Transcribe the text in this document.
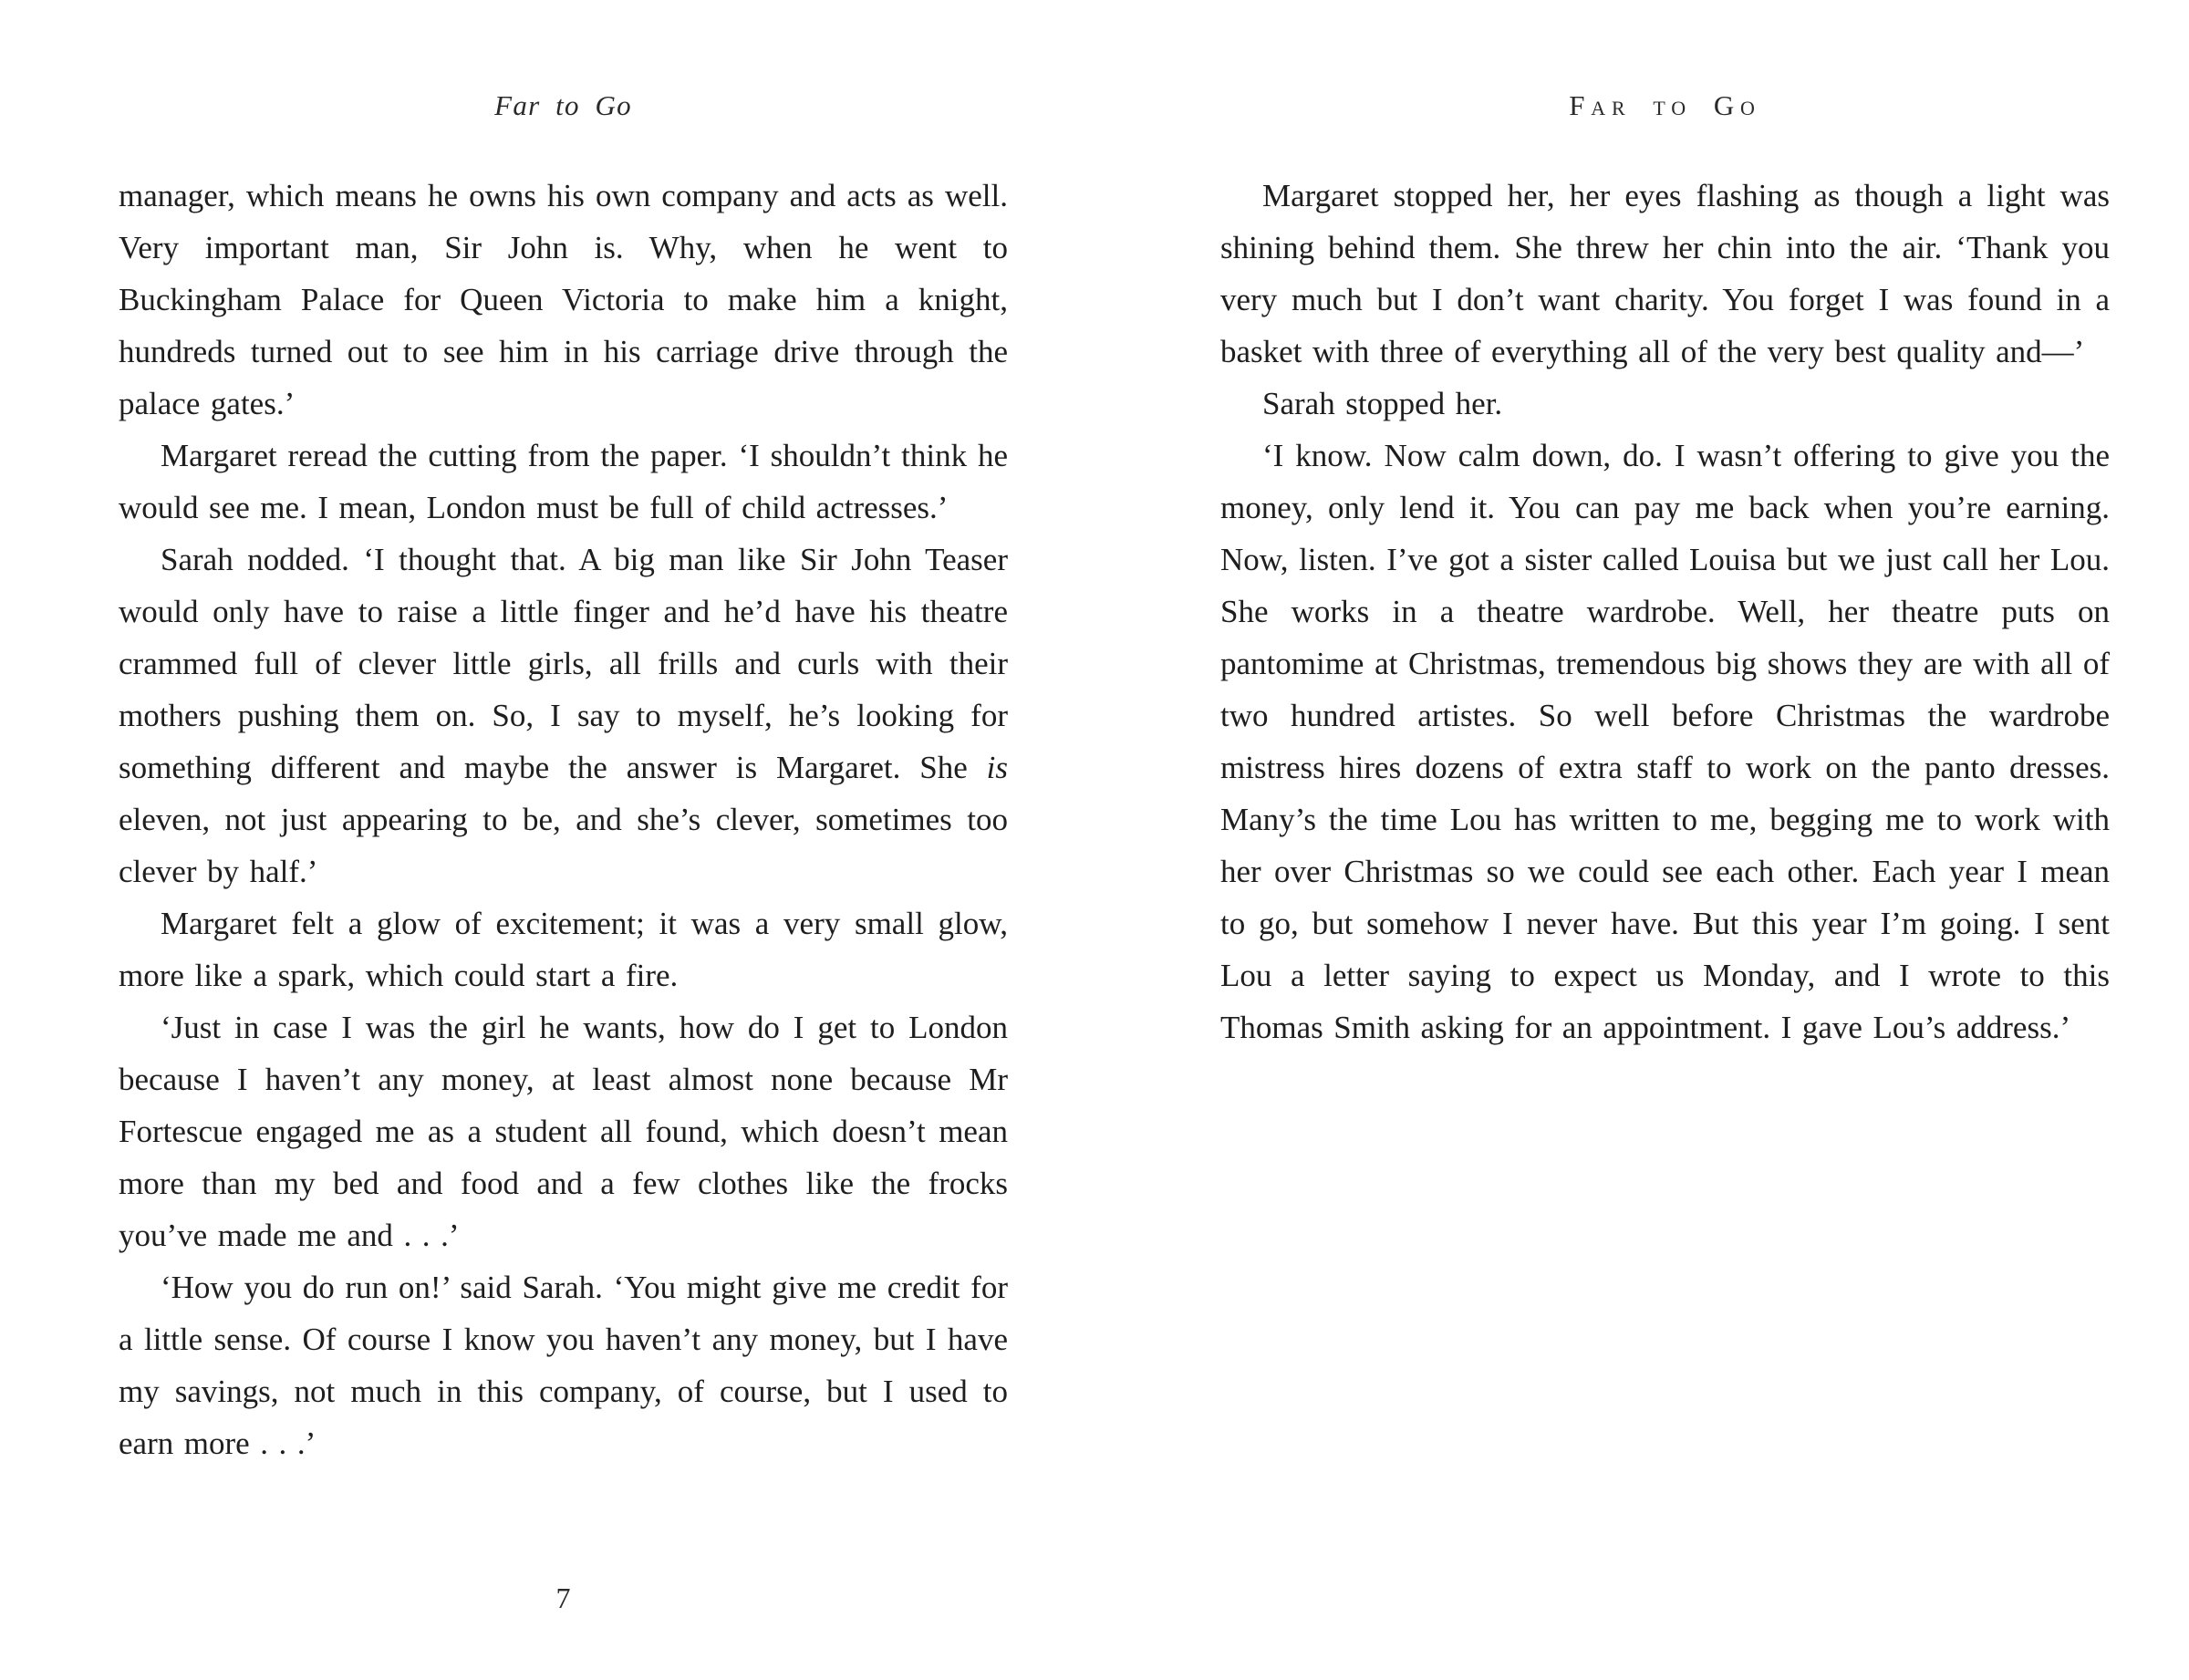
Far to Go

manager, which means he owns his own company and acts as well. Very important man, Sir John is. Why, when he went to Buckingham Palace for Queen Victoria to make him a knight, hundreds turned out to see him in his carriage drive through the palace gates.’

Margaret reread the cutting from the paper. ‘I shouldn’t think he would see me. I mean, London must be full of child actresses.’

Sarah nodded. ‘I thought that. A big man like Sir John Teaser would only have to raise a little finger and he’d have his theatre crammed full of clever little girls, all frills and curls with their mothers pushing them on. So, I say to myself, he’s looking for something different and maybe the answer is Margaret. She is eleven, not just appearing to be, and she’s clever, sometimes too clever by half.’

Margaret felt a glow of excitement; it was a very small glow, more like a spark, which could start a fire.

‘Just in case I was the girl he wants, how do I get to London because I haven’t any money, at least almost none because Mr Fortescue engaged me as a student all found, which doesn’t mean more than my bed and food and a few clothes like the frocks you’ve made me and . . .’

‘How you do run on!’ said Sarah. ‘You might give me credit for a little sense. Of course I know you haven’t any money, but I have my savings, not much in this company, of course, but I used to earn more . . .’

7
Far to Go

Margaret stopped her, her eyes flashing as though a light was shining behind them. She threw her chin into the air. ‘Thank you very much but I don’t want charity. You forget I was found in a basket with three of everything all of the very best quality and—’

Sarah stopped her.

‘I know. Now calm down, do. I wasn’t offering to give you the money, only lend it. You can pay me back when you’re earning. Now, listen. I’ve got a sister called Louisa but we just call her Lou. She works in a theatre wardrobe. Well, her theatre puts on pantomime at Christmas, tremendous big shows they are with all of two hundred artistes. So well before Christmas the wardrobe mistress hires dozens of extra staff to work on the panto dresses. Many’s the time Lou has written to me, begging me to work with her over Christmas so we could see each other. Each year I mean to go, but somehow I never have. But this year I’m going. I sent Lou a letter saying to expect us Monday, and I wrote to this Thomas Smith asking for an appointment. I gave Lou’s address.’
